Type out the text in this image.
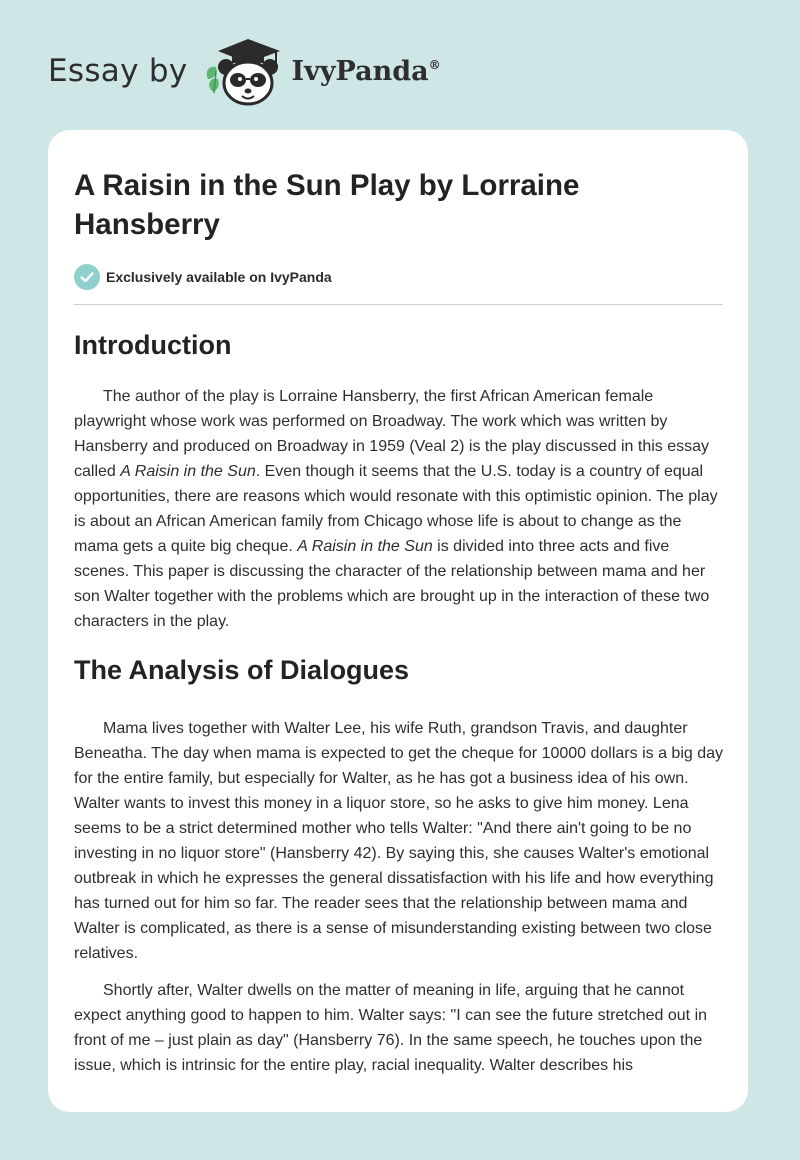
Essay by	IvyPanda®
A Raisin in the Sun Play by Lorraine Hansberry
Exclusively available on IvyPanda
Introduction

The author of the play is Lorraine Hansberry, the first African American female playwright whose work was performed on Broadway. The work which was written by Hansberry and produced on Broadway in 1959 (Veal 2) is the play discussed in this essay called A Raisin in the Sun. Even though it seems that the U.S. today is a country of equal opportunities, there are reasons which would resonate with this optimistic opinion. The play is about an African American family from Chicago whose life is about to change as the mama gets a quite big cheque. A Raisin in the Sun is divided into three acts and five scenes. This paper is discussing the character of the relationship between mama and her son Walter together with the problems which are brought up in the interaction of these two characters in the play.

The Analysis of Dialogues

Mama lives together with Walter Lee, his wife Ruth, grandson Travis, and daughter Beneatha. The day when mama is expected to get the cheque for 10000 dollars is a big day for the entire family, but especially for Walter, as he has got a business idea of his own. Walter wants to invest this money in a liquor store, so he asks to give him money. Lena seems to be a strict determined mother who tells Walter: "And there ain't going to be no investing in no liquor store" (Hansberry 42). By saying this, she causes Walter's emotional outbreak in which he expresses the general dissatisfaction with his life and how everything has turned out for him so far. The reader sees that the relationship between mama and Walter is complicated, as there is a sense of misunderstanding existing between two close relatives.

Shortly after, Walter dwells on the matter of meaning in life, arguing that he cannot expect anything good to happen to him. Walter says: "I can see the future stretched out in front of me – just plain as day" (Hansberry 76). In the same speech, he touches upon the issue, which is intrinsic for the entire play, racial inequality. Walter describes his
